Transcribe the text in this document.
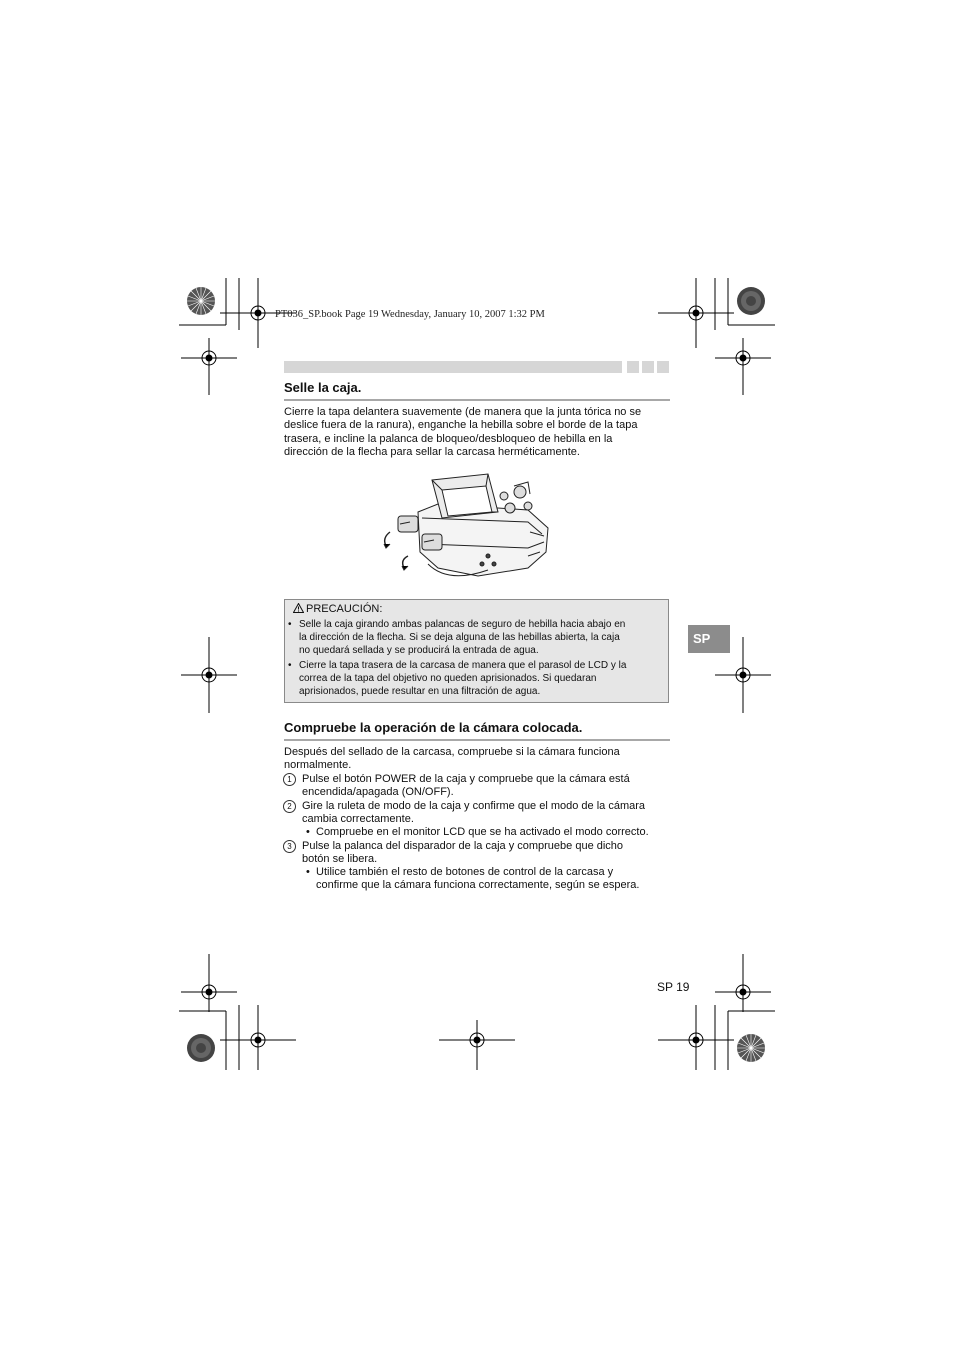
PT036_SP.book Page 19 Wednesday, January 10, 2007 1:32 PM
Selle la caja.
Cierre la tapa delantera suavemente (de manera que la junta tórica no se
deslice fuera de la ranura), enganche la hebilla sobre el borde de la tapa
trasera, e incline la palanca de bloqueo/desbloqueo de hebilla en la
dirección de la flecha para sellar la carcasa herméticamente.
PRECAUCIÓN:
• Selle la caja girando ambas palancas de seguro de hebilla hacia abajo en
la dirección de la flecha. Si se deja alguna de las hebillas abierta, la caja
no quedará sellada y se producirá la entrada de agua.
• Cierre la tapa trasera de la carcasa de manera que el parasol de LCD y la
correa de la tapa del objetivo no queden aprisionados. Si quedaran
aprisionados, puede resultar en una filtración de agua.
SP
Compruebe la operación de la cámara colocada.
Después del sellado de la carcasa, compruebe si la cámara funciona
normalmente.
1 Pulse el botón POWER de la caja y compruebe que la cámara está
encendida/apagada (ON/OFF).
2 Gire la ruleta de modo de la caja y confirme que el modo de la cámara
cambia correctamente.
• Compruebe en el monitor LCD que se ha activado el modo correcto.
3 Pulse la palanca del disparador de la caja y compruebe que dicho
botón se libera.
• Utilice también el resto de botones de control de la carcasa y
confirme que la cámara funciona correctamente, según se espera.
SP 19
